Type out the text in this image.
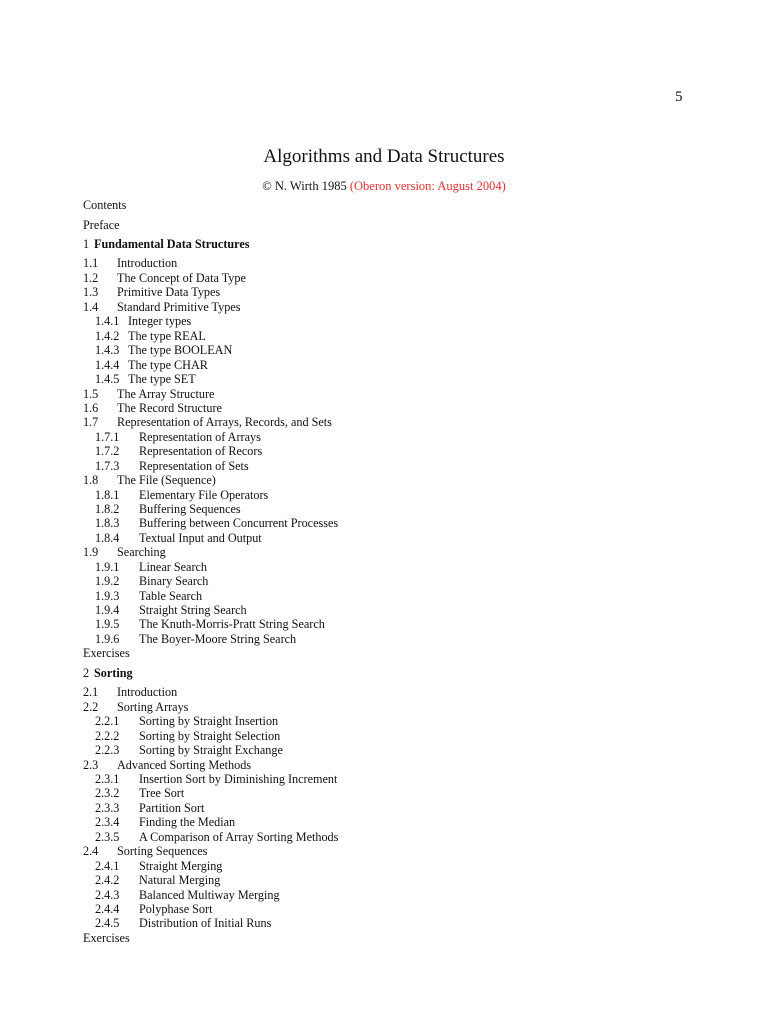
5
Algorithms and Data Structures
© N. Wirth 1985 (Oberon version: August 2004)
Contents
Preface
1 Fundamental Data Structures
1.1 Introduction
1.2 The Concept of Data Type
1.3 Primitive Data Types
1.4 Standard Primitive Types
1.4.1 Integer types
1.4.2 The type REAL
1.4.3 The type BOOLEAN
1.4.4 The type CHAR
1.4.5 The type SET
1.5 The Array Structure
1.6 The Record Structure
1.7 Representation of Arrays, Records, and Sets
1.7.1 Representation of Arrays
1.7.2 Representation of Recors
1.7.3 Representation of Sets
1.8 The File (Sequence)
1.8.1 Elementary File Operators
1.8.2 Buffering Sequences
1.8.3 Buffering between Concurrent Processes
1.8.4 Textual Input and Output
1.9 Searching
1.9.1 Linear Search
1.9.2 Binary Search
1.9.3 Table Search
1.9.4 Straight String Search
1.9.5 The Knuth-Morris-Pratt String Search
1.9.6 The Boyer-Moore String Search
Exercises
2 Sorting
2.1 Introduction
2.2 Sorting Arrays
2.2.1 Sorting by Straight Insertion
2.2.2 Sorting by Straight Selection
2.2.3 Sorting by Straight Exchange
2.3 Advanced Sorting Methods
2.3.1 Insertion Sort by Diminishing Increment
2.3.2 Tree Sort
2.3.3 Partition Sort
2.3.4 Finding the Median
2.3.5 A Comparison of Array Sorting Methods
2.4 Sorting Sequences
2.4.1 Straight Merging
2.4.2 Natural Merging
2.4.3 Balanced Multiway Merging
2.4.4 Polyphase Sort
2.4.5 Distribution of Initial Runs
Exercises
